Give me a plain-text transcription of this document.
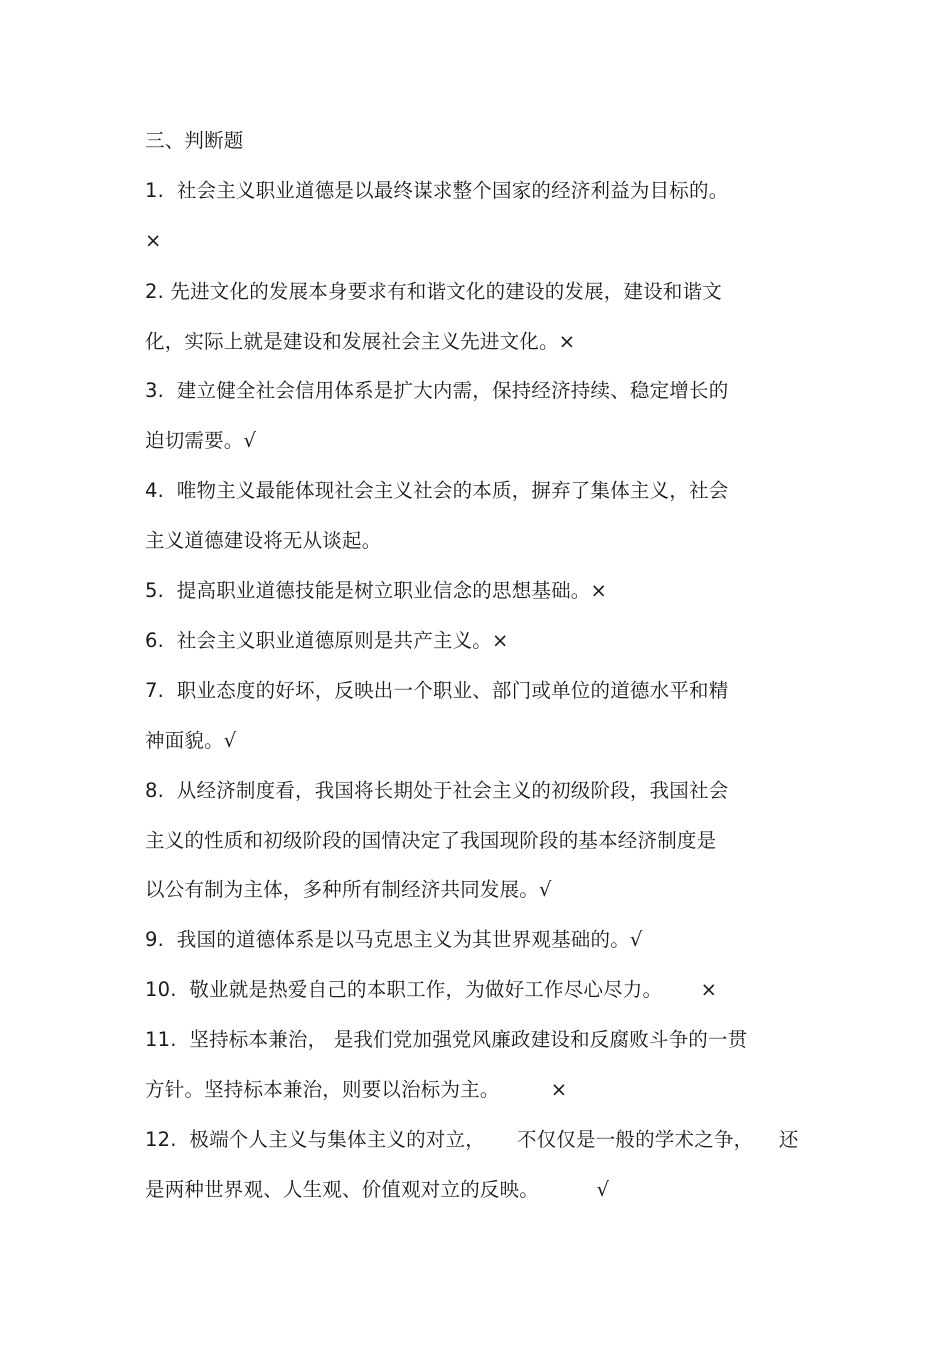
三、判断题
1.  社会主义职业道德是以最终谋求整个国家的经济利益为目标的。
×
2. 先进文化的发展本身要求有和谐文化的建设的发展，建设和谐文
化，实际上就是建设和发展社会主义先进文化。×
3.  建立健全社会信用体系是扩大内需，保持经济持续、稳定增长的
迫切需要。√
4.  唯物主义最能体现社会主义社会的本质，摒弃了集体主义，社会
主义道德建设将无从谈起。
5.  提高职业道德技能是树立职业信念的思想基础。×
6.  社会主义职业道德原则是共产主义。×
7.  职业态度的好坏，反映出一个职业、部门或单位的道德水平和精
神面貌。√
8.  从经济制度看，我国将长期处于社会主义的初级阶段，我国社会
主义的性质和初级阶段的国情决定了我国现阶段的基本经济制度是
以公有制为主体，多种所有制经济共同发展。√
9.  我国的道德体系是以马克思主义为其世界观基础的。√
10.  敬业就是热爱自己的本职工作，为做好工作尽心尽力。      ×
11.  坚持标本兼治， 是我们党加强党风廉政建设和反腐败斗争的一贯
方针。坚持标本兼治，则要以治标为主。        ×
12.  极端个人主义与集体主义的对立，     不仅仅是一般的学术之争，    还
是两种世界观、人生观、价值观对立的反映。         √
